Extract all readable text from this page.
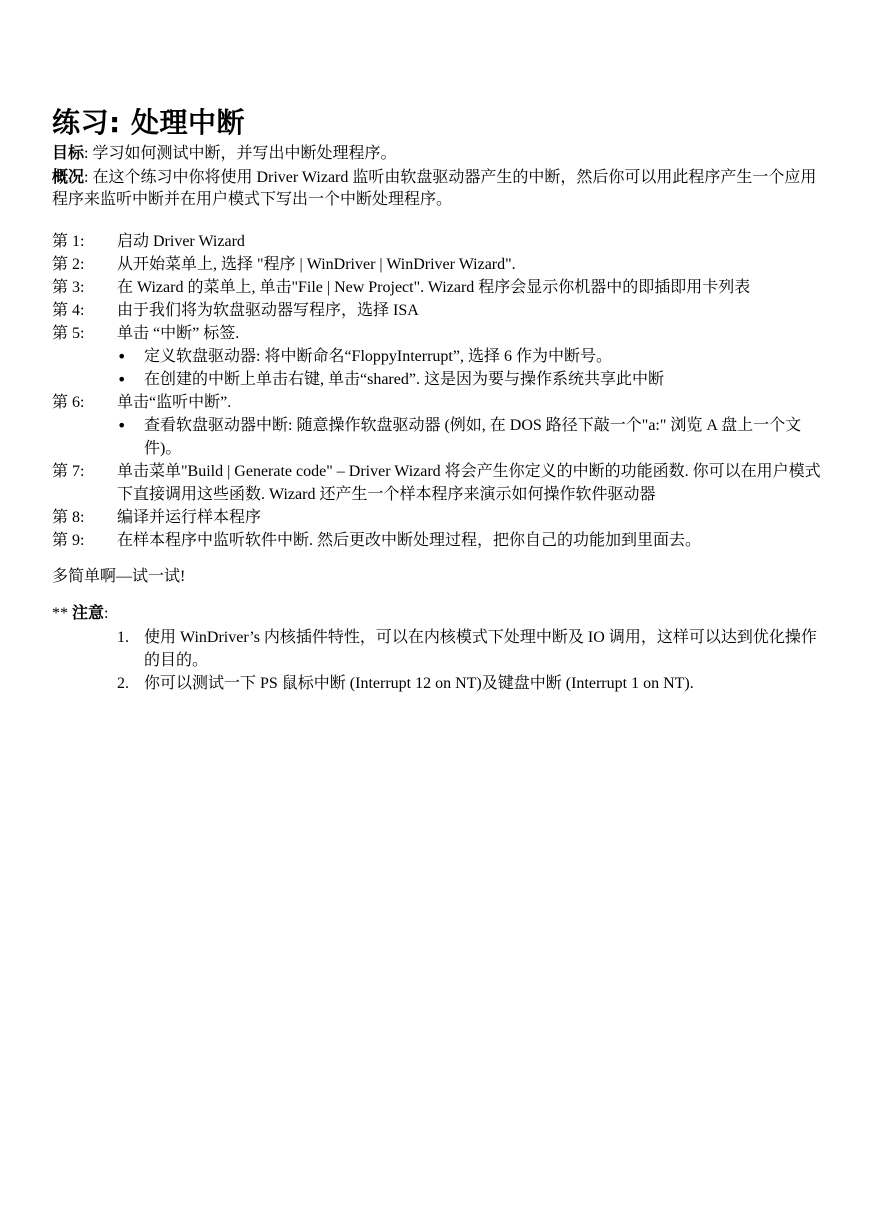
练习: 处理中断

目标: 学习如何测试中断，并写出中断处理程序。

概况: 在这个练习中你将使用 Driver Wizard 监听由软盘驱动器产生的中断，然后你可以用此程序产生一个应用程序来监听中断并在用户模式下写出一个中断处理程序。

第 1:	启动 Driver Wizard
第 2:	从开始菜单上, 选择 "程序 | WinDriver | WinDriver Wizard".
第 3:	在 Wizard 的菜单上, 单击"File | New Project". Wizard 程序会显示你机器中的即插即用卡列表
第 4:	由于我们将为软盘驱动器写程序，选择 ISA
第 5:	单击 “中断” 标签.
•	定义软盘驱动器: 将中断命名“FloppyInterrupt”, 选择 6 作为中断号。
•	在创建的中断上单击右键, 单击“shared”. 这是因为要与操作系统共享此中断
第 6:	单击“监听中断”.
•	查看软盘驱动器中断: 随意操作软盘驱动器 (例如, 在 DOS 路径下敲一个"a:" 浏览 A 盘上一个文件)。
第 7:	单击菜单"Build | Generate code" – Driver Wizard 将会产生你定义的中断的功能函数. 你可以在用户模式下直接调用这些函数. Wizard 还产生一个样本程序来演示如何操作软件驱动器
第 8:	编译并运行样本程序
第 9:	在样本程序中监听软件中断. 然后更改中断处理过程，把你自己的功能加到里面去。

多简单啊—试一试!

** 注意:

1. 使用 WinDriver’s 内核插件特性，可以在内核模式下处理中断及 IO 调用，这样可以达到优化操作的目的。
2. 你可以测试一下 PS 鼠标中断 (Interrupt 12 on NT)及键盘中断 (Interrupt 1 on NT).
